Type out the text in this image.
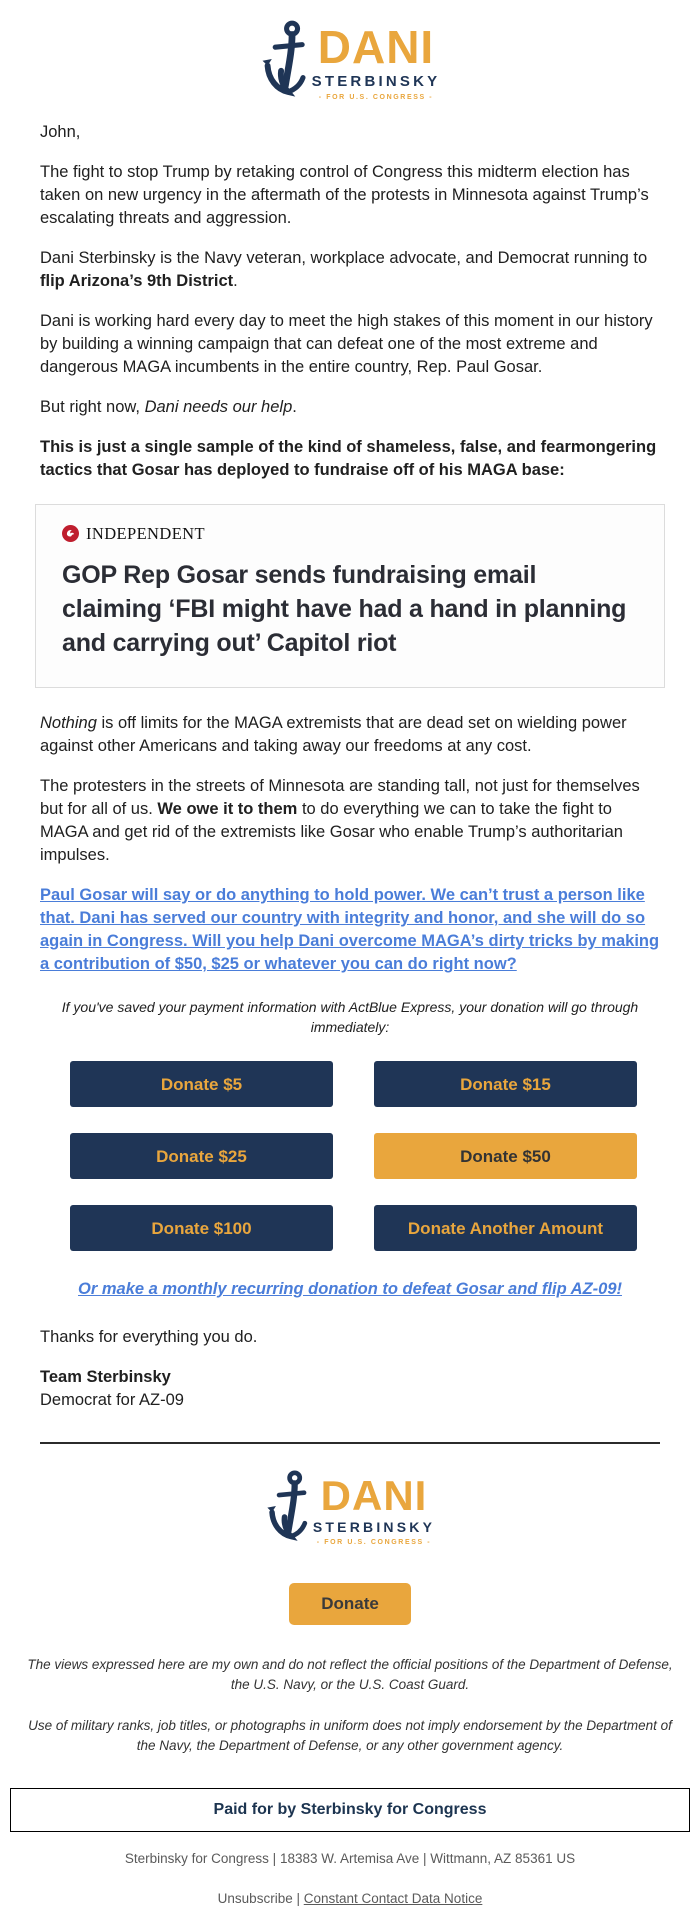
DANI
STERBINSKY
- FOR U.S. CONGRESS -

John,

The fight to stop Trump by retaking control of Congress this midterm election has taken on new urgency in the aftermath of the protests in Minnesota against Trump’s escalating threats and aggression.

Dani Sterbinsky is the Navy veteran, workplace advocate, and Democrat running to flip Arizona’s 9th District.

Dani is working hard every day to meet the high stakes of this moment in our history by building a winning campaign that can defeat one of the most extreme and dangerous MAGA incumbents in the entire country, Rep. Paul Gosar.

But right now, Dani needs our help.

This is just a single sample of the kind of shameless, false, and fearmongering tactics that Gosar has deployed to fundraise off of his MAGA base:

INDEPENDENT
GOP Rep Gosar sends fundraising email claiming ‘FBI might have had a hand in planning and carrying out’ Capitol riot

Nothing is off limits for the MAGA extremists that are dead set on wielding power against other Americans and taking away our freedoms at any cost.

The protesters in the streets of Minnesota are standing tall, not just for themselves but for all of us. We owe it to them to do everything we can to take the fight to MAGA and get rid of the extremists like Gosar who enable Trump’s authoritarian impulses.

Paul Gosar will say or do anything to hold power. We can’t trust a person like that. Dani has served our country with integrity and honor, and she will do so again in Congress. Will you help Dani overcome MAGA’s dirty tricks by making a contribution of $50, $25 or whatever you can do right now?

If you've saved your payment information with ActBlue Express, your donation will go through immediately:
Donate $5	Donate $15
Donate $25	Donate $50
Donate $100	Donate Another Amount
Or make a monthly recurring donation to defeat Gosar and flip AZ-09!

Thanks for everything you do.

Team Sterbinsky
Democrat for AZ-09

DANI
STERBINSKY
- FOR U.S. CONGRESS -
Donate
The views expressed here are my own and do not reflect the official positions of the Department of Defense, the U.S. Navy, or the U.S. Coast Guard.
Use of military ranks, job titles, or photographs in uniform does not imply endorsement by the Department of the Navy, the Department of Defense, or any other government agency.
Paid for by Sterbinsky for Congress
Sterbinsky for Congress | 18383 W. Artemisa Ave | Wittmann, AZ 85361 US
Unsubscribe | Constant Contact Data Notice
